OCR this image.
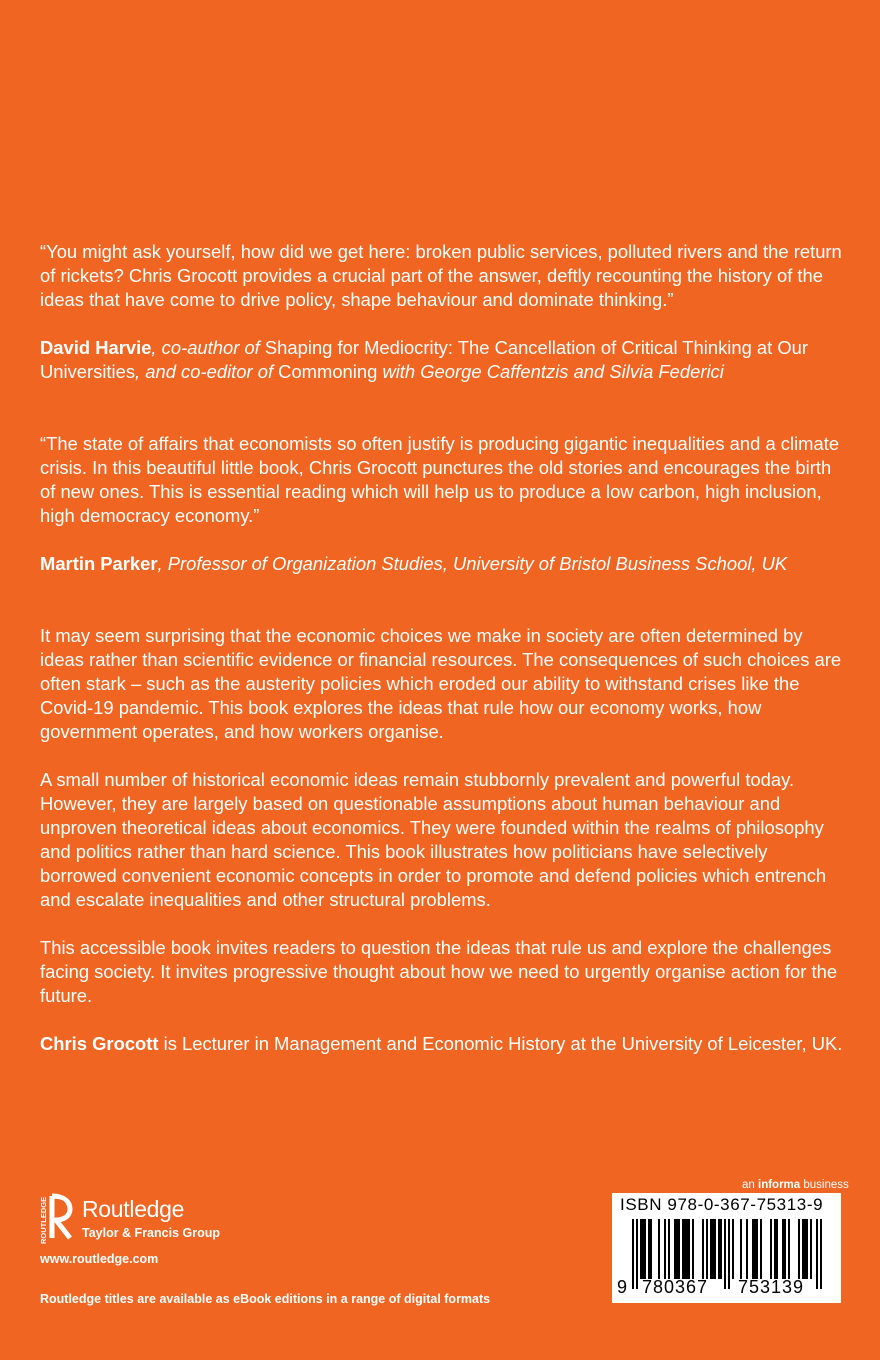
“You might ask yourself, how did we get here: broken public services, polluted rivers and the return of rickets? Chris Grocott provides a crucial part of the answer, deftly recounting the history of the ideas that have come to drive policy, shape behaviour and dominate thinking.”

David Harvie, co-author of Shaping for Mediocrity: The Cancellation of Critical Thinking at Our Universities, and co-editor of Commoning with George Caffentzis and Silvia Federici

“The state of affairs that economists so often justify is producing gigantic inequalities and a climate crisis. In this beautiful little book, Chris Grocott punctures the old stories and encourages the birth of new ones. This is essential reading which will help us to produce a low carbon, high inclusion, high democracy economy.”

Martin Parker, Professor of Organization Studies, University of Bristol Business School, UK

It may seem surprising that the economic choices we make in society are often determined by ideas rather than scientific evidence or financial resources. The consequences of such choices are often stark – such as the austerity policies which eroded our ability to withstand crises like the Covid-19 pandemic. This book explores the ideas that rule how our economy works, how government operates, and how workers organise.

A small number of historical economic ideas remain stubbornly prevalent and powerful today. However, they are largely based on questionable assumptions about human behaviour and unproven theoretical ideas about economics. They were founded within the realms of philosophy and politics rather than hard science. This book illustrates how politicians have selectively borrowed convenient economic concepts in order to promote and defend policies which entrench and escalate inequalities and other structural problems.

This accessible book invites readers to question the ideas that rule us and explore the challenges facing society. It invites progressive thought about how we need to urgently organise action for the future.

Chris Grocott is Lecturer in Management and Economic History at the University of Leicester, UK.

ROUTLEDGE Routledge
Taylor & Francis Group
www.routledge.com
Routledge titles are available as eBook editions in a range of digital formats
an informa business
ISBN 978-0-367-75313-9
9 780367 753139
